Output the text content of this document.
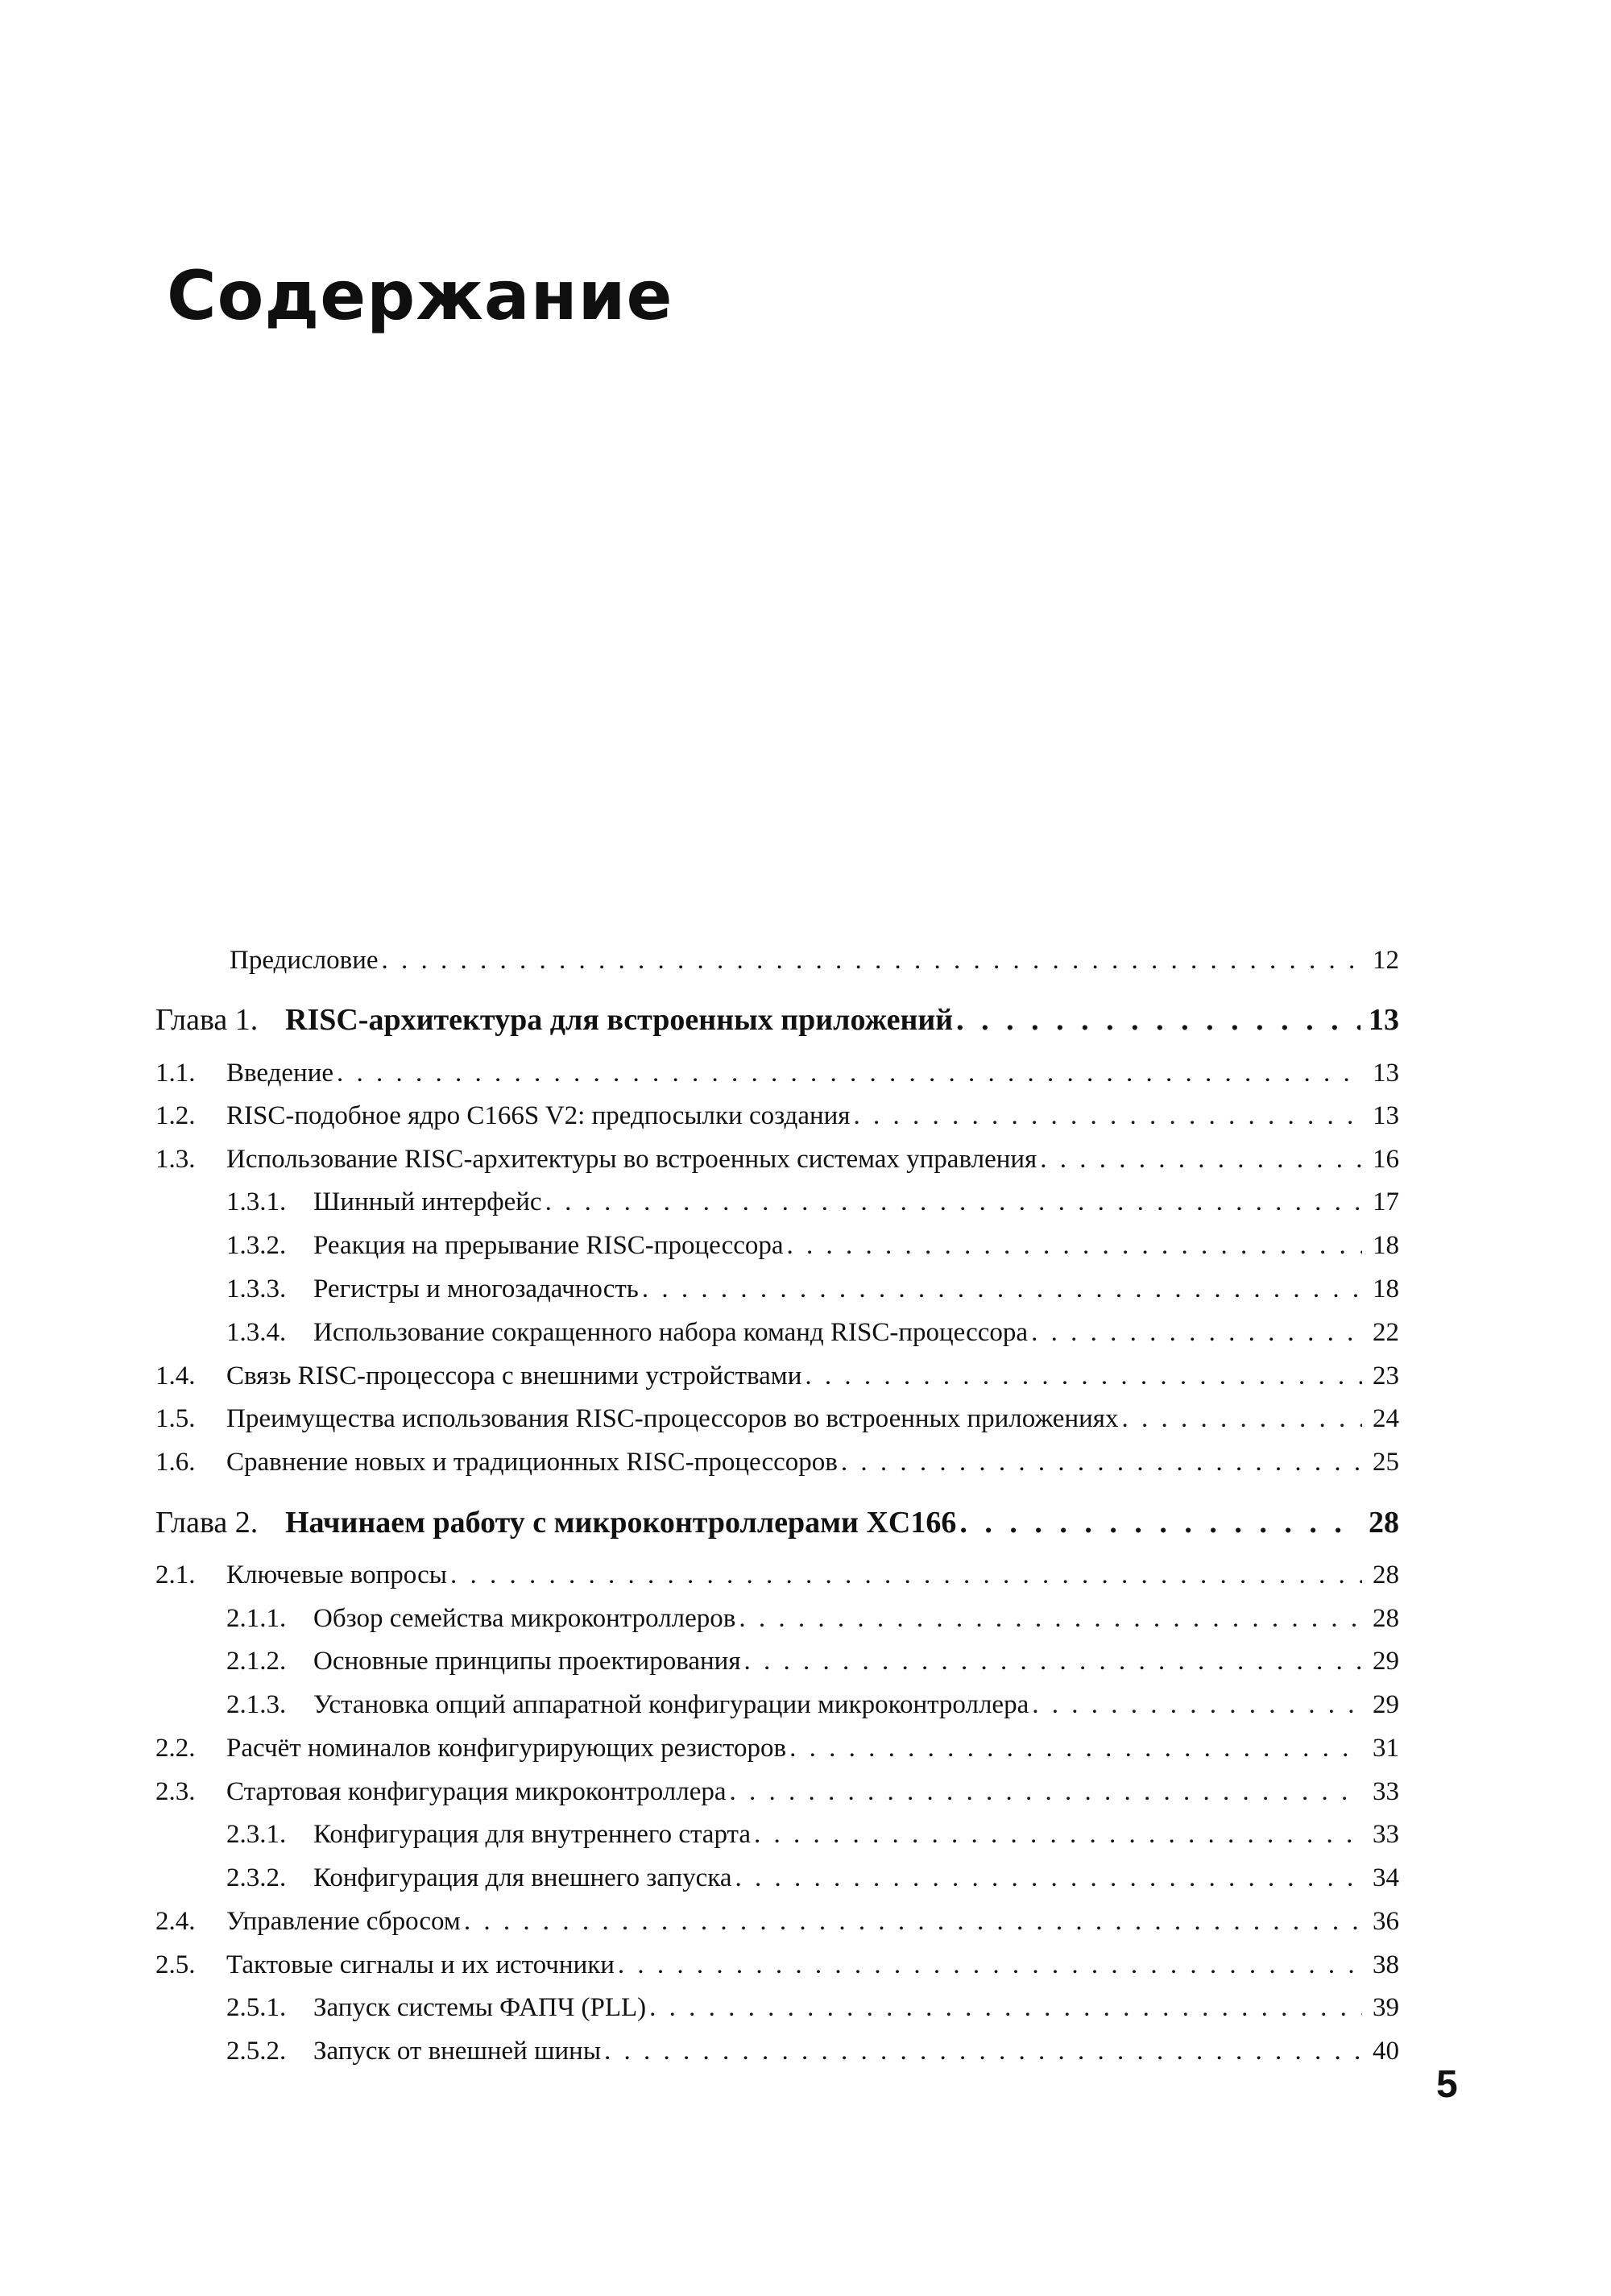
Содержание
Предисловие . . .	12
Глава 1. RISC-архитектура для встроенных приложений . . .	13
1.1. Введение . . .	13
1.2. RISC-подобное ядро C166S V2: предпосылки создания . . .	13
1.3. Использование RISC-архитектуры во встроенных системах управления . . .	16
1.3.1. Шинный интерфейс . . .	17
1.3.2. Реакция на прерывание RISC-процессора . . .	18
1.3.3. Регистры и многозадачность . . .	18
1.3.4. Использование сокращенного набора команд RISC-процессора . . .	22
1.4. Связь RISC-процессора с внешними устройствами . . .	23
1.5. Преимущества использования RISC-процессоров во встроенных приложениях . . .	24
1.6. Сравнение новых и традиционных RISC-процессоров . . .	25
Глава 2. Начинаем работу с микроконтроллерами XC166 . . .	28
2.1. Ключевые вопросы . . .	28
2.1.1. Обзор семейства микроконтроллеров . . .	28
2.1.2. Основные принципы проектирования . . .	29
2.1.3. Установка опций аппаратной конфигурации микроконтроллера . . .	29
2.2. Расчёт номиналов конфигурирующих резисторов . . .	31
2.3. Стартовая конфигурация микроконтроллера . . .	33
2.3.1. Конфигурация для внутреннего старта . . .	33
2.3.2. Конфигурация для внешнего запуска . . .	34
2.4. Управление сбросом . . .	36
2.5. Тактовые сигналы и их источники . . .	38
2.5.1. Запуск системы ФАПЧ (PLL) . . .	39
2.5.2. Запуск от внешней шины . . .	40
5
